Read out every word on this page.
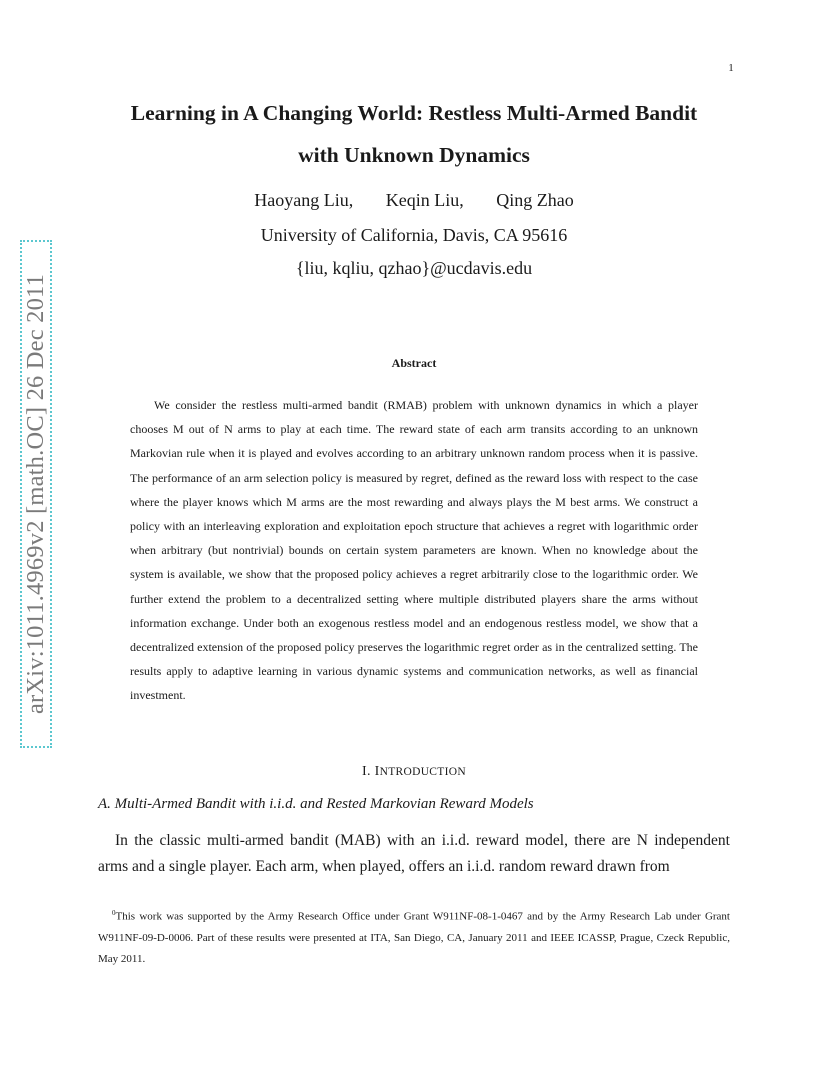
1
arXiv:1011.4969v2 [math.OC] 26 Dec 2011
Learning in A Changing World: Restless Multi-Armed Bandit
with Unknown Dynamics
Haoyang Liu, Keqin Liu, Qing Zhao
University of California, Davis, CA 95616
{liu, kqliu, qzhao}@ucdavis.edu
Abstract

We consider the restless multi-armed bandit (RMAB) problem with unknown dynamics in which a player chooses M out of N arms to play at each time. The reward state of each arm transits according to an unknown Markovian rule when it is played and evolves according to an arbitrary unknown random process when it is passive. The performance of an arm selection policy is measured by regret, defined as the reward loss with respect to the case where the player knows which M arms are the most rewarding and always plays the M best arms. We construct a policy with an interleaving exploration and exploitation epoch structure that achieves a regret with logarithmic order when arbitrary (but nontrivial) bounds on certain system parameters are known. When no knowledge about the system is available, we show that the proposed policy achieves a regret arbitrarily close to the logarithmic order. We further extend the problem to a decentralized setting where multiple distributed players share the arms without information exchange. Under both an exogenous restless model and an endogenous restless model, we show that a decentralized extension of the proposed policy preserves the logarithmic regret order as in the centralized setting. The results apply to adaptive learning in various dynamic systems and communication networks, as well as financial investment.

I. INTRODUCTION
A. Multi-Armed Bandit with i.i.d. and Rested Markovian Reward Models

In the classic multi-armed bandit (MAB) with an i.i.d. reward model, there are N independent arms and a single player. Each arm, when played, offers an i.i.d. random reward drawn from

$^0$This work was supported by the Army Research Office under Grant W911NF-08-1-0467 and by the Army Research Lab under Grant W911NF-09-D-0006. Part of these results were presented at ITA, San Diego, CA, January 2011 and IEEE ICASSP, Prague, Czeck Republic, May 2011.
